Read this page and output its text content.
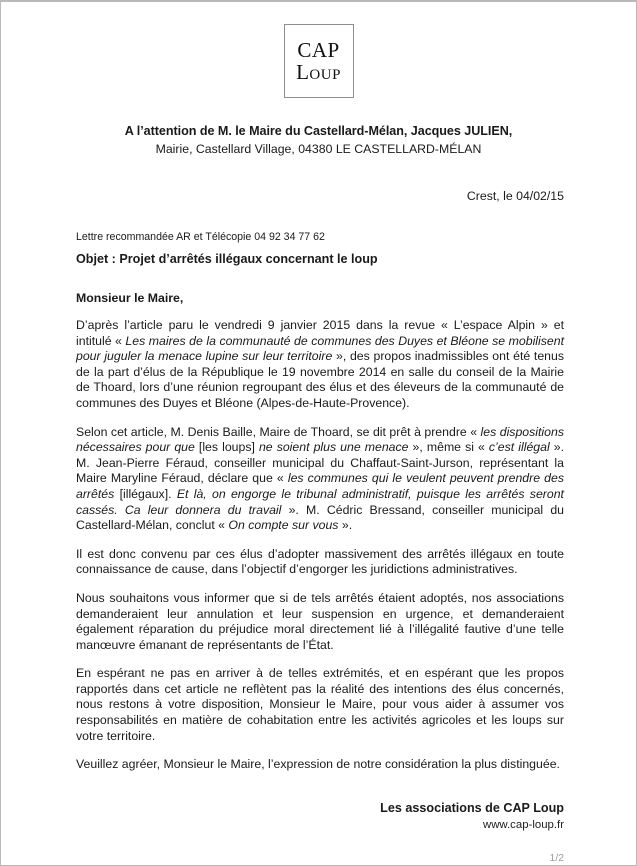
CAP
Loup
A l’attention de M. le Maire du Castellard-Mélan, Jacques JULIEN,
Mairie, Castellard Village, 04380 LE CASTELLARD-MÉLAN
Crest, le 04/02/15
Lettre recommandée AR et Télécopie 04 92 34 77 62
Objet : Projet d’arrêtés illégaux concernant le loup
Monsieur le Maire,

D’après l’article paru le vendredi 9 janvier 2015 dans la revue « L’espace Alpin » et intitulé « Les maires de la communauté de communes des Duyes et Bléone se mobilisent pour juguler la menace lupine sur leur territoire », des propos inadmissibles ont été tenus de la part d’élus de la République le 19 novembre 2014 en salle du conseil de la Mairie de Thoard, lors d’une réunion regroupant des élus et des éleveurs de la communauté de communes des Duyes et Bléone (Alpes-de-Haute-Provence).

Selon cet article, M. Denis Baille, Maire de Thoard, se dit prêt à prendre « les dispositions nécessaires pour que [les loups] ne soient plus une menace », même si « c’est illégal ». M. Jean-Pierre Féraud, conseiller municipal du Chaffaut-Saint-Jurson, représentant la Maire Maryline Féraud, déclare que « les communes qui le veulent peuvent prendre des arrêtés [illégaux]. Et là, on engorge le tribunal administratif, puisque les arrêtés seront cassés. Ca leur donnera du travail ». M. Cédric Bressand, conseiller municipal du Castellard-Mélan, conclut « On compte sur vous ».

Il est donc convenu par ces élus d’adopter massivement des arrêtés illégaux en toute connaissance de cause, dans l’objectif d’engorger les juridictions administratives.

Nous souhaitons vous informer que si de tels arrêtés étaient adoptés, nos associations demanderaient leur annulation et leur suspension en urgence, et demanderaient également réparation du préjudice moral directement lié à l’illégalité fautive d’une telle manœuvre émanant de représentants de l’État.

En espérant ne pas en arriver à de telles extrémités, et en espérant que les propos rapportés dans cet article ne reflètent pas la réalité des intentions des élus concernés, nous restons à votre disposition, Monsieur le Maire, pour vous aider à assumer vos responsabilités en matière de cohabitation entre les activités agricoles et les loups sur votre territoire.

Veuillez agréer, Monsieur le Maire, l’expression de notre considération la plus distinguée.

Les associations de CAP Loup
www.cap-loup.fr
1/2
